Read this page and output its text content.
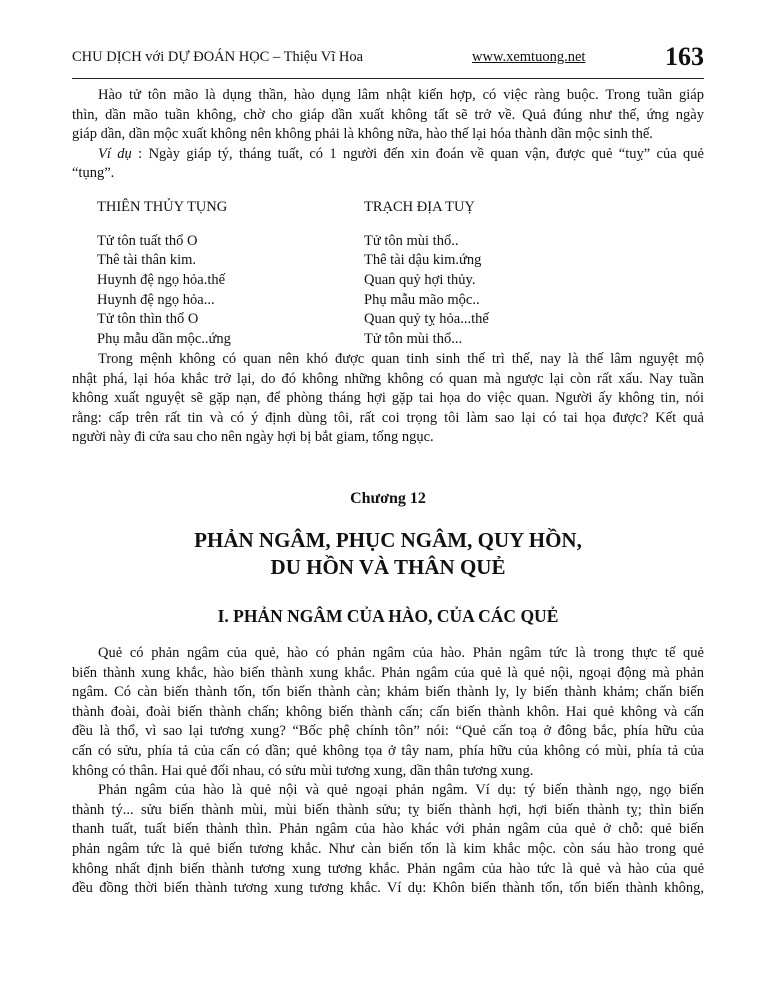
CHU DỊCH với DỰ ĐOÁN HỌC – Thiệu Vĩ Hoa	www.xemtuong.net	163
Hào tử tôn mão là dụng thần, hào dụng lâm nhật kiến hợp, có việc ràng buộc. Trong tuần giáp
thìn, dần mão tuần không, chờ cho giáp dần xuất không tất sẽ trở về. Quả đúng như thế, ứng ngày
giáp dần, dần mộc xuất không nên không phải là không nữa, hào thế lại hóa thành dần mộc sinh thế.
Ví dụ : Ngày giáp tý, tháng tuất, có 1 người đến xin đoán về quan vận, được quẻ “tuỵ” của quẻ
“tụng”.
THIÊN THỦY TỤNG	TRẠCH ĐỊA TUỴ
Tử tôn tuất thổ O	Tử tôn mùi thổ..
Thê tài thân kim.	Thê tài dậu kim.ứng
Huynh đệ ngọ hỏa.thế	Quan quỷ hợi thủy.
Huynh đệ ngọ hỏa...	Phụ mẫu mão mộc..
Tử tôn thìn thổ O	Quan quỷ tỵ hỏa...thế
Phụ mẫu dần mộc..ứng	Tử tôn mùi thổ...
Trong mệnh không có quan nên khó được quan tinh sinh thế trì thế, nay là thế lâm nguyệt mộ
nhật phá, lại hóa khắc trở lại, do đó không những không có quan mà ngược lại còn rất xấu. Nay tuần
không xuất nguyệt sẽ gặp nạn, để phòng tháng hợi gặp tai họa do việc quan. Người ấy không tin, nói
rằng: cấp trên rất tin và có ý định dùng tôi, rất coi trọng tôi làm sao lại có tai họa được? Kết quả
người này đi cửa sau cho nên ngày hợi bị bắt giam, tống ngục.
Chương 12
PHẢN NGÂM, PHỤC NGÂM, QUY HỒN,
DU HỒN VÀ THÂN QUẺ
I. PHẢN NGÂM CỦA HÀO, CỦA CÁC QUẺ
Quẻ có phản ngâm của quẻ, hào có phản ngâm của hào. Phản ngâm tức là trong thực tế quẻ
biến thành xung khắc, hào biến thành xung khắc. Phản ngâm của quẻ là quẻ nội, ngoại động mà phản
ngâm. Có càn biến thành tốn, tốn biến thành càn; khảm biến thành ly, ly biến thành khảm; chấn biến
thành đoài, đoài biến thành chấn; không biến thành cấn; cấn biến thành khôn. Hai quẻ không và cấn
đều là thổ, vì sao lại tương xung? “Bốc phệ chính tôn” nói: “Quẻ cấn toạ ở đông bắc, phía hữu của
cấn có sửu, phía tả của cấn có dần; quẻ không tọa ở tây nam, phía hữu của không có mùi, phía tả của
không có thân. Hai quẻ đối nhau, có sửu mùi tương xung, dần thân tương xung.
Phản ngâm của hào là quẻ nội và quẻ ngoại phản ngâm. Ví dụ: tý biến thành ngọ, ngọ biến
thành tý... sửu biến thành mùi, mùi biến thành sửu; tỵ biến thành hợi, hợi biến thành tỵ; thìn biến
thanh tuất, tuất biến thành thìn. Phản ngâm của hào khác với phản ngâm của quẻ ở chỗ: quẻ biến
phản ngâm tức là quẻ biến tương khắc. Như càn biến tốn là kim khắc mộc. còn sáu hào trong quẻ
không nhất định biến thành tương xung tương khắc. Phản ngâm của hào tức là quẻ và hào của quẻ
đều đồng thời biến thành tương xung tương khắc. Ví dụ: Khôn biến thành tốn, tốn biến thành không,
